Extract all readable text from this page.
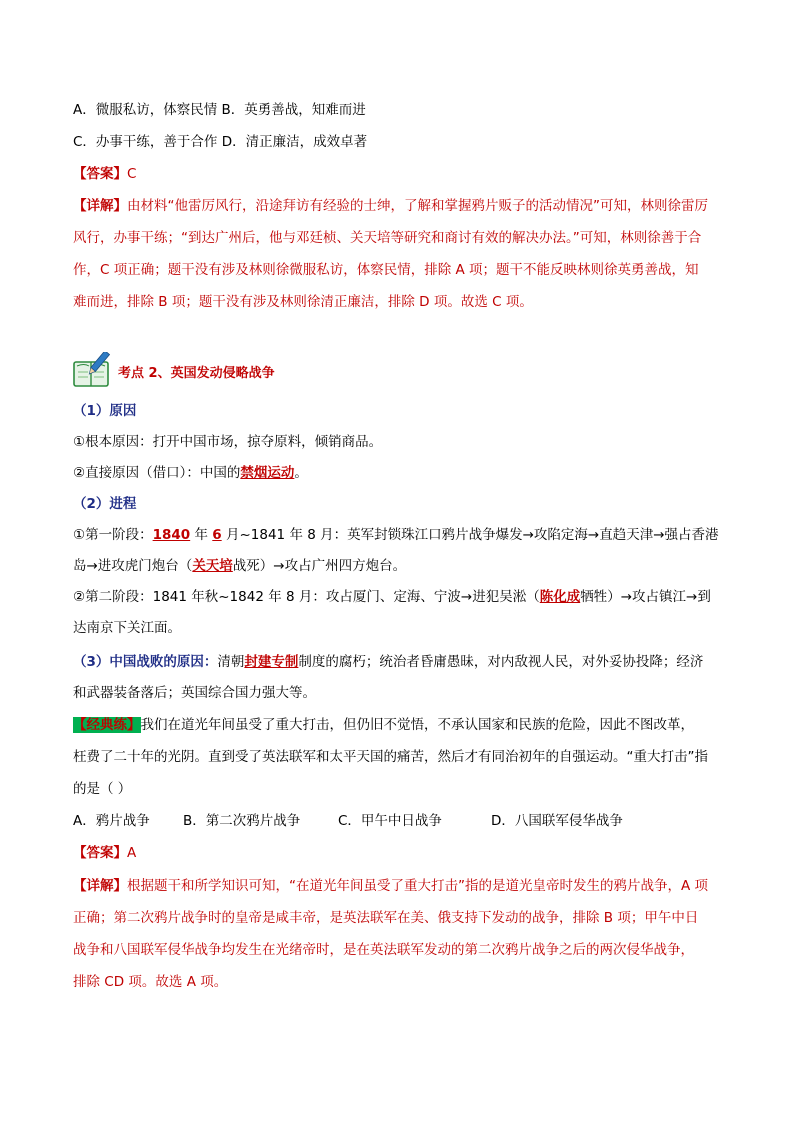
A．微服私访，体察民情 B．英勇善战，知难而进
C．办事干练，善于合作 D．清正廉洁，成效卓著
【答案】C
【详解】由材料“他雷厉风行，沿途拜访有经验的士绅，了解和掌握鸦片贩子的活动情况”可知，林则徐雷厉
风行，办事干练；“到达广州后，他与邓廷桢、关天培等研究和商讨有效的解决办法。”可知，林则徐善于合
作，C 项正确；题干没有涉及林则徐微服私访，体察民情，排除 A 项；题干不能反映林则徐英勇善战，知
难而进，排除 B 项；题干没有涉及林则徐清正廉洁，排除 D 项。故选 C 项。
考点 2、英国发动侵略战争
（1）原因
①根本原因：打开中国市场，掠夺原料，倾销商品。
②直接原因（借口）：中国的禁烟运动。
（2）进程
①第一阶段：1840 年 6 月~1841 年 8 月：英军封锁珠江口鸦片战争爆发→攻陷定海→直趋天津→强占香港
岛→进攻虎门炮台（关天培战死）→攻占广州四方炮台。
②第二阶段：1841 年秋~1842 年 8 月：攻占厦门、定海、宁波→进犯吴淞（陈化成牺牲）→攻占镇江→到
达南京下关江面。
（3）中国战败的原因：清朝封建专制制度的腐朽；统治者昏庸愚昧，对内敌视人民，对外妥协投降；经济
和武器装备落后；英国综合国力强大等。
【经典练】我们在道光年间虽受了重大打击，但仍旧不觉悟，不承认国家和民族的危险，因此不图改革，
枉费了二十年的光阴。直到受了英法联军和太平天国的痛苦，然后才有同治初年的自强运动。“重大打击”指
的是（ ）
A．鸦片战争 B．第二次鸦片战争	C．甲午中日战争	D．八国联军侵华战争
【答案】A
【详解】根据题干和所学知识可知，“在道光年间虽受了重大打击”指的是道光皇帝时发生的鸦片战争，A 项
正确；第二次鸦片战争时的皇帝是咸丰帝，是英法联军在美、俄支持下发动的战争，排除 B 项；甲午中日
战争和八国联军侵华战争均发生在光绪帝时，是在英法联军发动的第二次鸦片战争之后的两次侵华战争，
排除 CD 项。故选 A 项。
